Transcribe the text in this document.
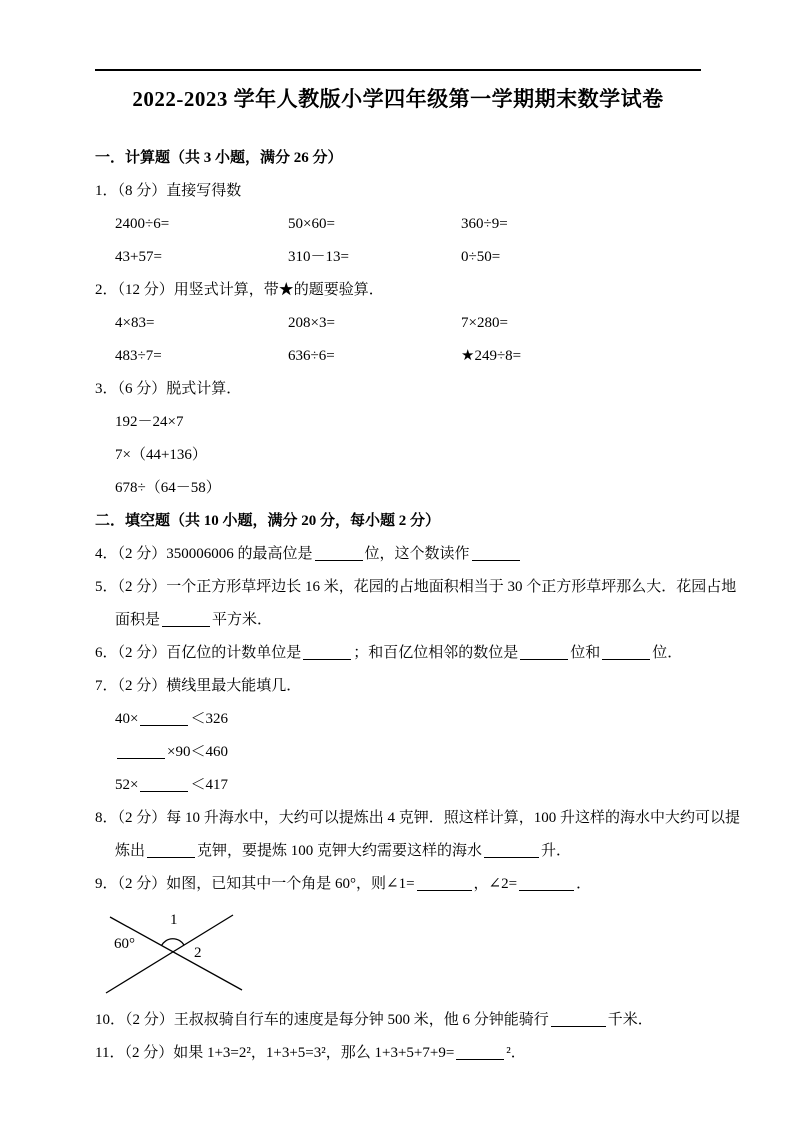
2022-2023 学年人教版小学四年级第一学期期末数学试卷
一．计算题（共 3 小题，满分 26 分）
1．（8 分）直接写得数
2400÷6=	50×60=	360÷9=
43+57=	310－13=	0÷50=
2．（12 分）用竖式计算，带★的题要验算．
4×83=	208×3=	7×280=
483÷7=	636÷6=	★249÷8=
3．（6 分）脱式计算．
192－24×7
7×（44+136）
678÷（64－58）
二．填空题（共 10 小题，满分 20 分，每小题 2 分）
4．（2 分）350006006 的最高位是	位，这个数读作
5．（2 分）一个正方形草坪边长 16 米，花园的占地面积相当于 30 个正方形草坪那么大．花园占地
面积是	平方米．
6．（2 分）百亿位的计数单位是	；和百亿位相邻的数位是	位和	位．
7．（2 分）横线里最大能填几．
40×	＜326
×90＜460
52×	＜417
8．（2 分）每 10 升海水中，大约可以提炼出 4 克钾．照这样计算，100 升这样的海水中大约可以提
炼出	克钾，要提炼 100 克钾大约需要这样的海水	升．
9．（2 分）如图，已知其中一个角是 60°，则∠1=	，∠2=	．
1
60°
2
10．（2 分）王叔叔骑自行车的速度是每分钟 500 米，他 6 分钟能骑行	千米．
11．（2 分）如果 1+3=2²，1+3+5=3²，那么 1+3+5+7+9=	²．
